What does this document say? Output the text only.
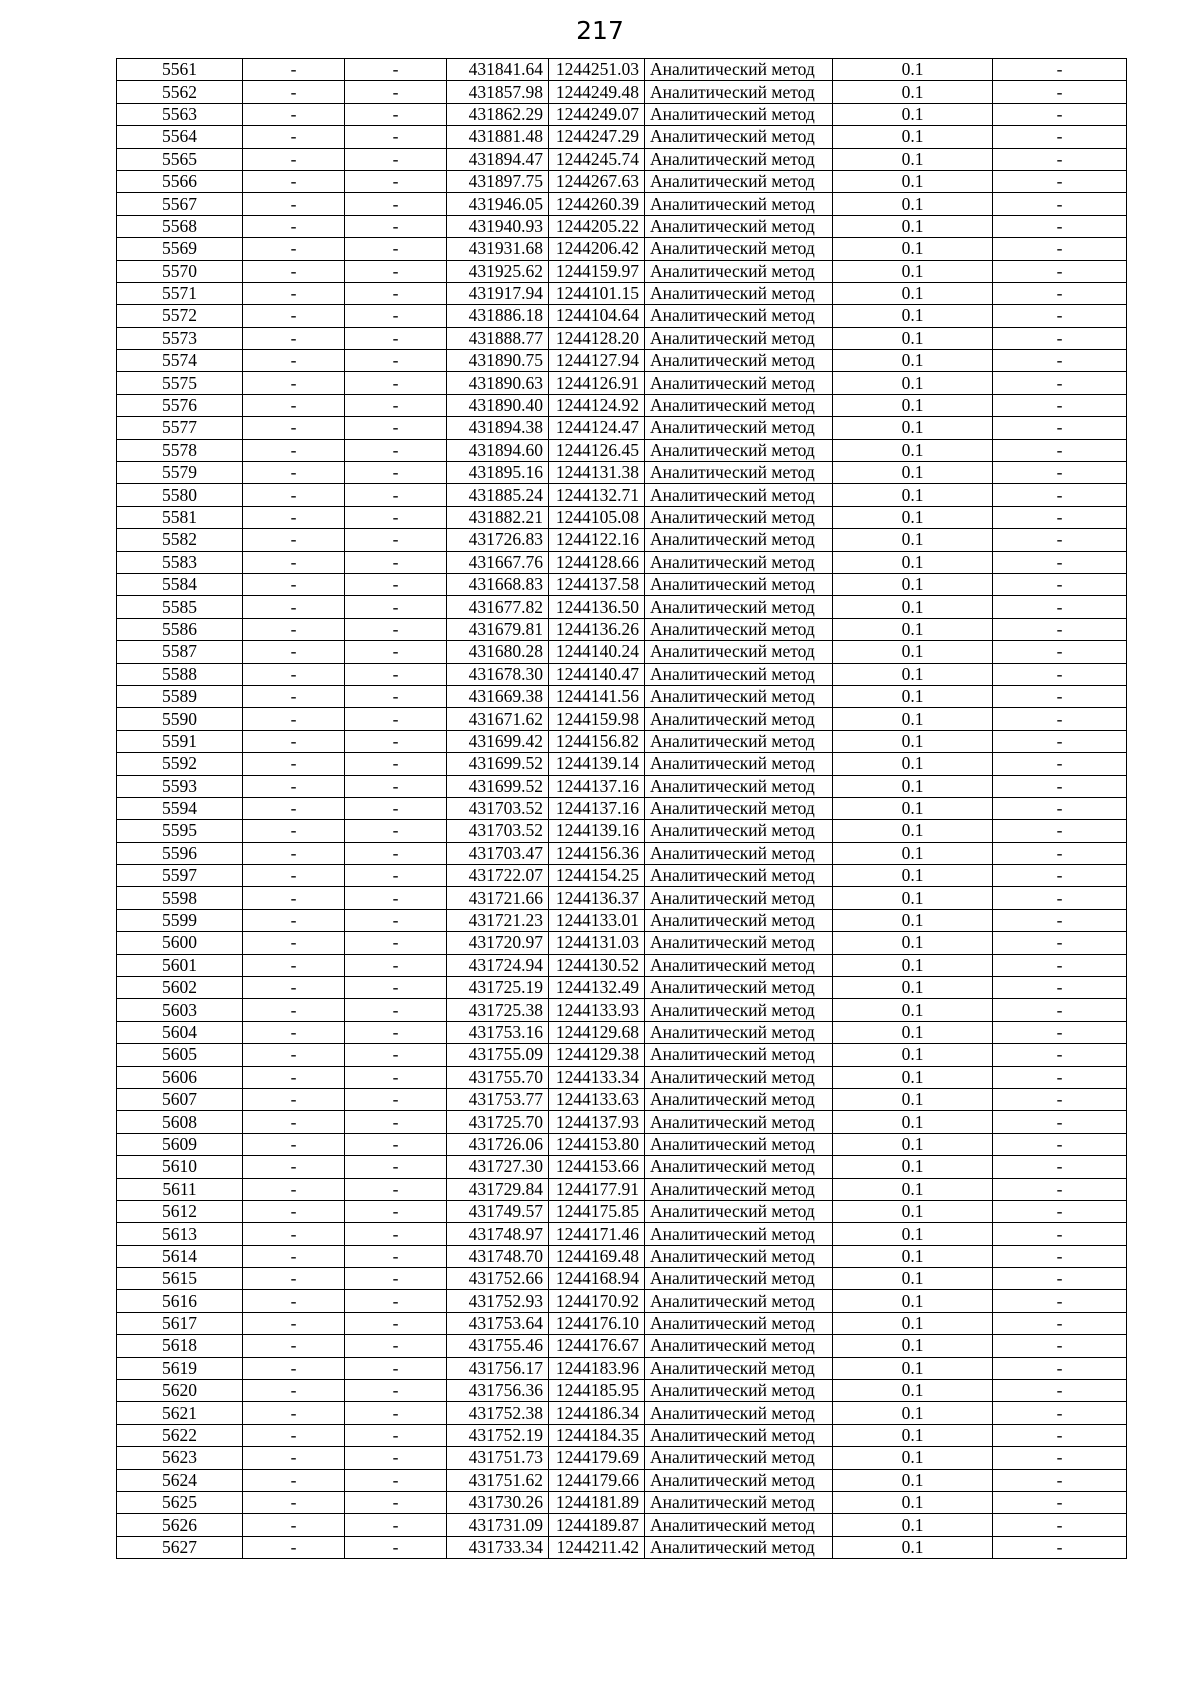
217
5561	-	-	431841.64	1244251.03	Аналитический метод	0.1	-
5562	-	-	431857.98	1244249.48	Аналитический метод	0.1	-
5563	-	-	431862.29	1244249.07	Аналитический метод	0.1	-
5564	-	-	431881.48	1244247.29	Аналитический метод	0.1	-
5565	-	-	431894.47	1244245.74	Аналитический метод	0.1	-
5566	-	-	431897.75	1244267.63	Аналитический метод	0.1	-
5567	-	-	431946.05	1244260.39	Аналитический метод	0.1	-
5568	-	-	431940.93	1244205.22	Аналитический метод	0.1	-
5569	-	-	431931.68	1244206.42	Аналитический метод	0.1	-
5570	-	-	431925.62	1244159.97	Аналитический метод	0.1	-
5571	-	-	431917.94	1244101.15	Аналитический метод	0.1	-
5572	-	-	431886.18	1244104.64	Аналитический метод	0.1	-
5573	-	-	431888.77	1244128.20	Аналитический метод	0.1	-
5574	-	-	431890.75	1244127.94	Аналитический метод	0.1	-
5575	-	-	431890.63	1244126.91	Аналитический метод	0.1	-
5576	-	-	431890.40	1244124.92	Аналитический метод	0.1	-
5577	-	-	431894.38	1244124.47	Аналитический метод	0.1	-
5578	-	-	431894.60	1244126.45	Аналитический метод	0.1	-
5579	-	-	431895.16	1244131.38	Аналитический метод	0.1	-
5580	-	-	431885.24	1244132.71	Аналитический метод	0.1	-
5581	-	-	431882.21	1244105.08	Аналитический метод	0.1	-
5582	-	-	431726.83	1244122.16	Аналитический метод	0.1	-
5583	-	-	431667.76	1244128.66	Аналитический метод	0.1	-
5584	-	-	431668.83	1244137.58	Аналитический метод	0.1	-
5585	-	-	431677.82	1244136.50	Аналитический метод	0.1	-
5586	-	-	431679.81	1244136.26	Аналитический метод	0.1	-
5587	-	-	431680.28	1244140.24	Аналитический метод	0.1	-
5588	-	-	431678.30	1244140.47	Аналитический метод	0.1	-
5589	-	-	431669.38	1244141.56	Аналитический метод	0.1	-
5590	-	-	431671.62	1244159.98	Аналитический метод	0.1	-
5591	-	-	431699.42	1244156.82	Аналитический метод	0.1	-
5592	-	-	431699.52	1244139.14	Аналитический метод	0.1	-
5593	-	-	431699.52	1244137.16	Аналитический метод	0.1	-
5594	-	-	431703.52	1244137.16	Аналитический метод	0.1	-
5595	-	-	431703.52	1244139.16	Аналитический метод	0.1	-
5596	-	-	431703.47	1244156.36	Аналитический метод	0.1	-
5597	-	-	431722.07	1244154.25	Аналитический метод	0.1	-
5598	-	-	431721.66	1244136.37	Аналитический метод	0.1	-
5599	-	-	431721.23	1244133.01	Аналитический метод	0.1	-
5600	-	-	431720.97	1244131.03	Аналитический метод	0.1	-
5601	-	-	431724.94	1244130.52	Аналитический метод	0.1	-
5602	-	-	431725.19	1244132.49	Аналитический метод	0.1	-
5603	-	-	431725.38	1244133.93	Аналитический метод	0.1	-
5604	-	-	431753.16	1244129.68	Аналитический метод	0.1	-
5605	-	-	431755.09	1244129.38	Аналитический метод	0.1	-
5606	-	-	431755.70	1244133.34	Аналитический метод	0.1	-
5607	-	-	431753.77	1244133.63	Аналитический метод	0.1	-
5608	-	-	431725.70	1244137.93	Аналитический метод	0.1	-
5609	-	-	431726.06	1244153.80	Аналитический метод	0.1	-
5610	-	-	431727.30	1244153.66	Аналитический метод	0.1	-
5611	-	-	431729.84	1244177.91	Аналитический метод	0.1	-
5612	-	-	431749.57	1244175.85	Аналитический метод	0.1	-
5613	-	-	431748.97	1244171.46	Аналитический метод	0.1	-
5614	-	-	431748.70	1244169.48	Аналитический метод	0.1	-
5615	-	-	431752.66	1244168.94	Аналитический метод	0.1	-
5616	-	-	431752.93	1244170.92	Аналитический метод	0.1	-
5617	-	-	431753.64	1244176.10	Аналитический метод	0.1	-
5618	-	-	431755.46	1244176.67	Аналитический метод	0.1	-
5619	-	-	431756.17	1244183.96	Аналитический метод	0.1	-
5620	-	-	431756.36	1244185.95	Аналитический метод	0.1	-
5621	-	-	431752.38	1244186.34	Аналитический метод	0.1	-
5622	-	-	431752.19	1244184.35	Аналитический метод	0.1	-
5623	-	-	431751.73	1244179.69	Аналитический метод	0.1	-
5624	-	-	431751.62	1244179.66	Аналитический метод	0.1	-
5625	-	-	431730.26	1244181.89	Аналитический метод	0.1	-
5626	-	-	431731.09	1244189.87	Аналитический метод	0.1	-
5627	-	-	431733.34	1244211.42	Аналитический метод	0.1	-
